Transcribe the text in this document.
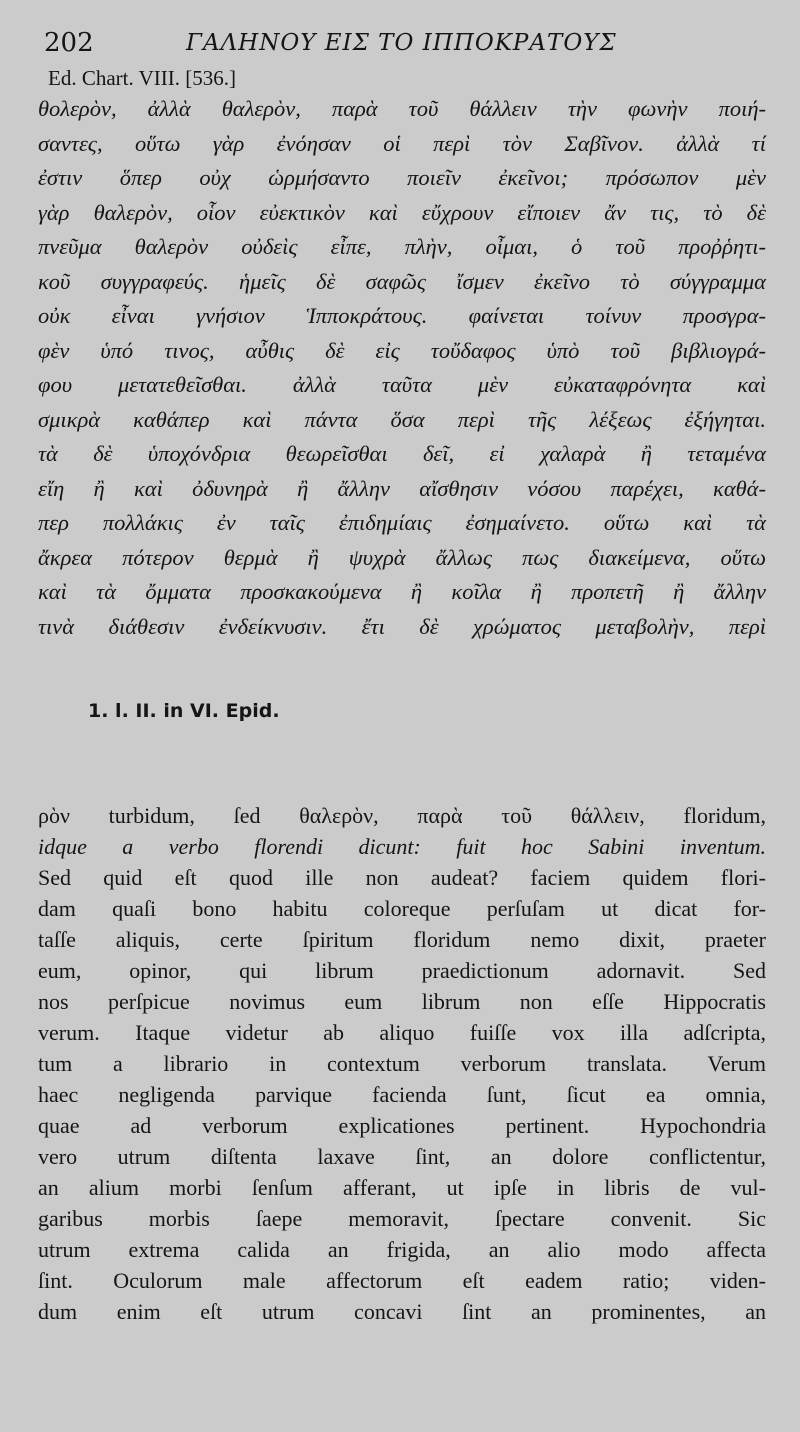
202	ΓΑΛΗΝΟΥ ΕΙΣ ΤΟ ΙΠΠΟΚΡΑΤΟΥΣ
Ed. Chart. VIII. [536.]
θολερὸν, ἀλλὰ θαλερὸν, παρὰ τοῦ θάλλειν τὴν φωνὴν ποιή-
σαντες, οὕτω γὰρ ἐνόησαν οἱ περὶ τὸν Σαβῖνον. ἀλλὰ τί
ἐστιν ὅπερ οὐχ ὡρμήσαντο ποιεῖν ἐκεῖνοι; πρόσωπον μὲν
γὰρ θαλερὸν, οἷον εὐεκτικὸν καὶ εὔχρουν εἴποιεν ἄν τις, τὸ δὲ
πνεῦμα θαλερὸν οὐδεὶς εἶπε, πλὴν, οἶμαι, ὁ τοῦ προῤῥητι-
κοῦ συγγραφεύς. ἡμεῖς δὲ σαφῶς ἴσμεν ἐκεῖνο τὸ σύγγραμμα
οὐκ εἶναι γνήσιον Ἱπποκράτους. φαίνεται τοίνυν προσγρα-
φὲν ὑπό τινος, αὖθις δὲ εἰς τοὔδαφος ὑπὸ τοῦ βιβλιογρά-
φου μετατεθεῖσθαι. ἀλλὰ ταῦτα μὲν εὐκαταφρόνητα καὶ
σμικρὰ καθάπερ καὶ πάντα ὅσα περὶ τῆς λέξεως ἐξήγηται.
τὰ δὲ ὑποχόνδρια θεωρεῖσθαι δεῖ, εἰ χαλαρὰ ἢ τεταμένα
εἴη ἢ καὶ ὀδυνηρὰ ἢ ἄλλην αἴσθησιν νόσου παρέχει, καθά-
περ πολλάκις ἐν ταῖς ἐπιδημίαις ἐσημαίνετο. οὕτω καὶ τὰ
ἄκρεα πότερον θερμὰ ἢ ψυχρὰ ἄλλως πως διακείμενα, οὕτω
καὶ τὰ ὄμματα προσκακούμενα ἢ κοῖλα ἢ προπετῆ ἢ ἄλλην
τινὰ διάθεσιν ἐνδείκνυσιν. ἔτι δὲ χρώματος μεταβολὴν, περὶ
1. l. II. in VI. Epid.
ρὸν turbidum, ſed θαλερὸν, παρὰ τοῦ θάλλειν, floridum,
idque a verbo florendi dicunt: fuit hoc Sabini inventum.
Sed quid eſt quod ille non audeat? faciem quidem flori-
dam quaſi bono habitu coloreque perſuſam ut dicat for-
taſſe aliquis, certe ſpiritum floridum nemo dixit, praeter
eum, opinor, qui librum praedictionum adornavit. Sed
nos perſpicue novimus eum librum non eſſe Hippocratis
verum. Itaque videtur ab aliquo fuiſſe vox illa adſcripta,
tum a librario in contextum verborum translata. Verum
haec negligenda parvique facienda ſunt, ſicut ea omnia,
quae ad verborum explicationes pertinent. Hypochondria
vero utrum diſtenta laxave ſint, an dolore conflictentur,
an alium morbi ſenſum afferant, ut ipſe in libris de vul-
garibus morbis ſaepe memoravit, ſpectare convenit. Sic
utrum extrema calida an frigida, an alio modo affecta
ſint. Oculorum male affectorum eſt eadem ratio; viden-
dum enim eſt utrum concavi ſint an prominentes, an
